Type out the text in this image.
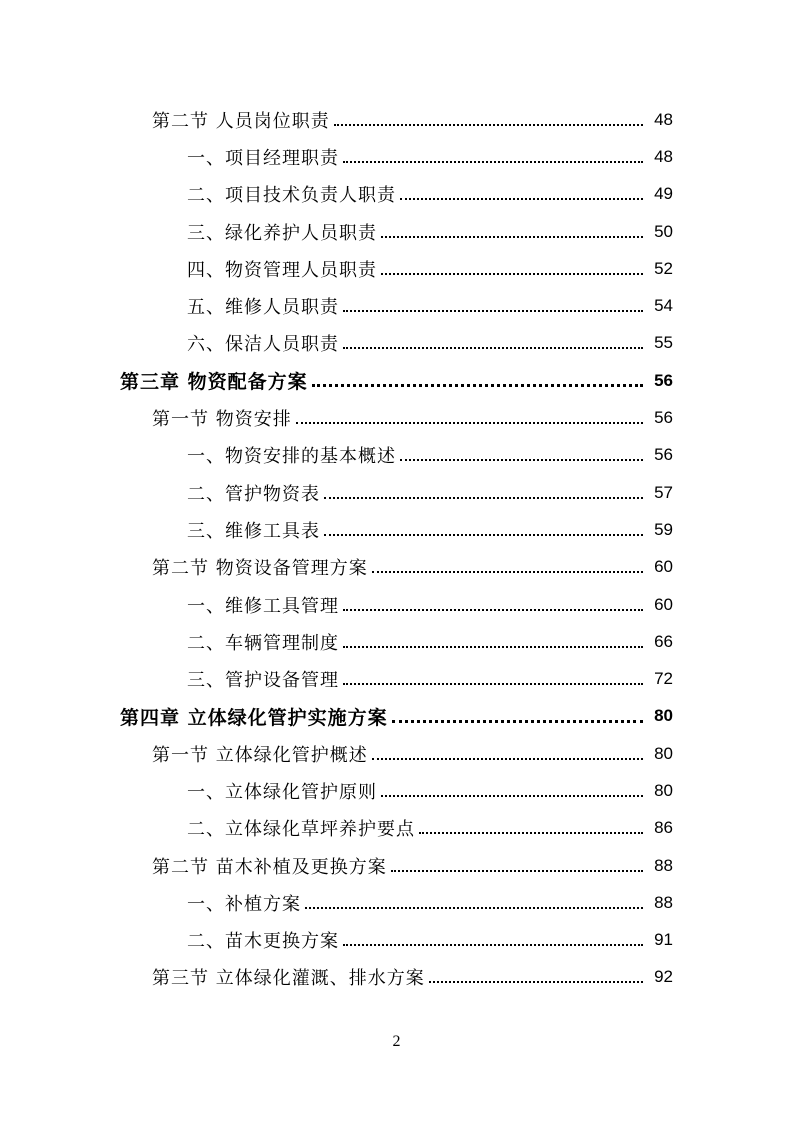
第二节 人员岗位职责	48
一、项目经理职责	48
二、项目技术负责人职责	49
三、绿化养护人员职责	50
四、物资管理人员职责	52
五、维修人员职责	54
六、保洁人员职责	55
第三章 物资配备方案	56
第一节 物资安排	56
一、物资安排的基本概述	56
二、管护物资表	57
三、维修工具表	59
第二节 物资设备管理方案	60
一、维修工具管理	60
二、车辆管理制度	66
三、管护设备管理	72
第四章 立体绿化管护实施方案	80
第一节 立体绿化管护概述	80
一、立体绿化管护原则	80
二、立体绿化草坪养护要点	86
第二节 苗木补植及更换方案	88
一、补植方案	88
二、苗木更换方案	91
第三节 立体绿化灌溉、排水方案	92
2
